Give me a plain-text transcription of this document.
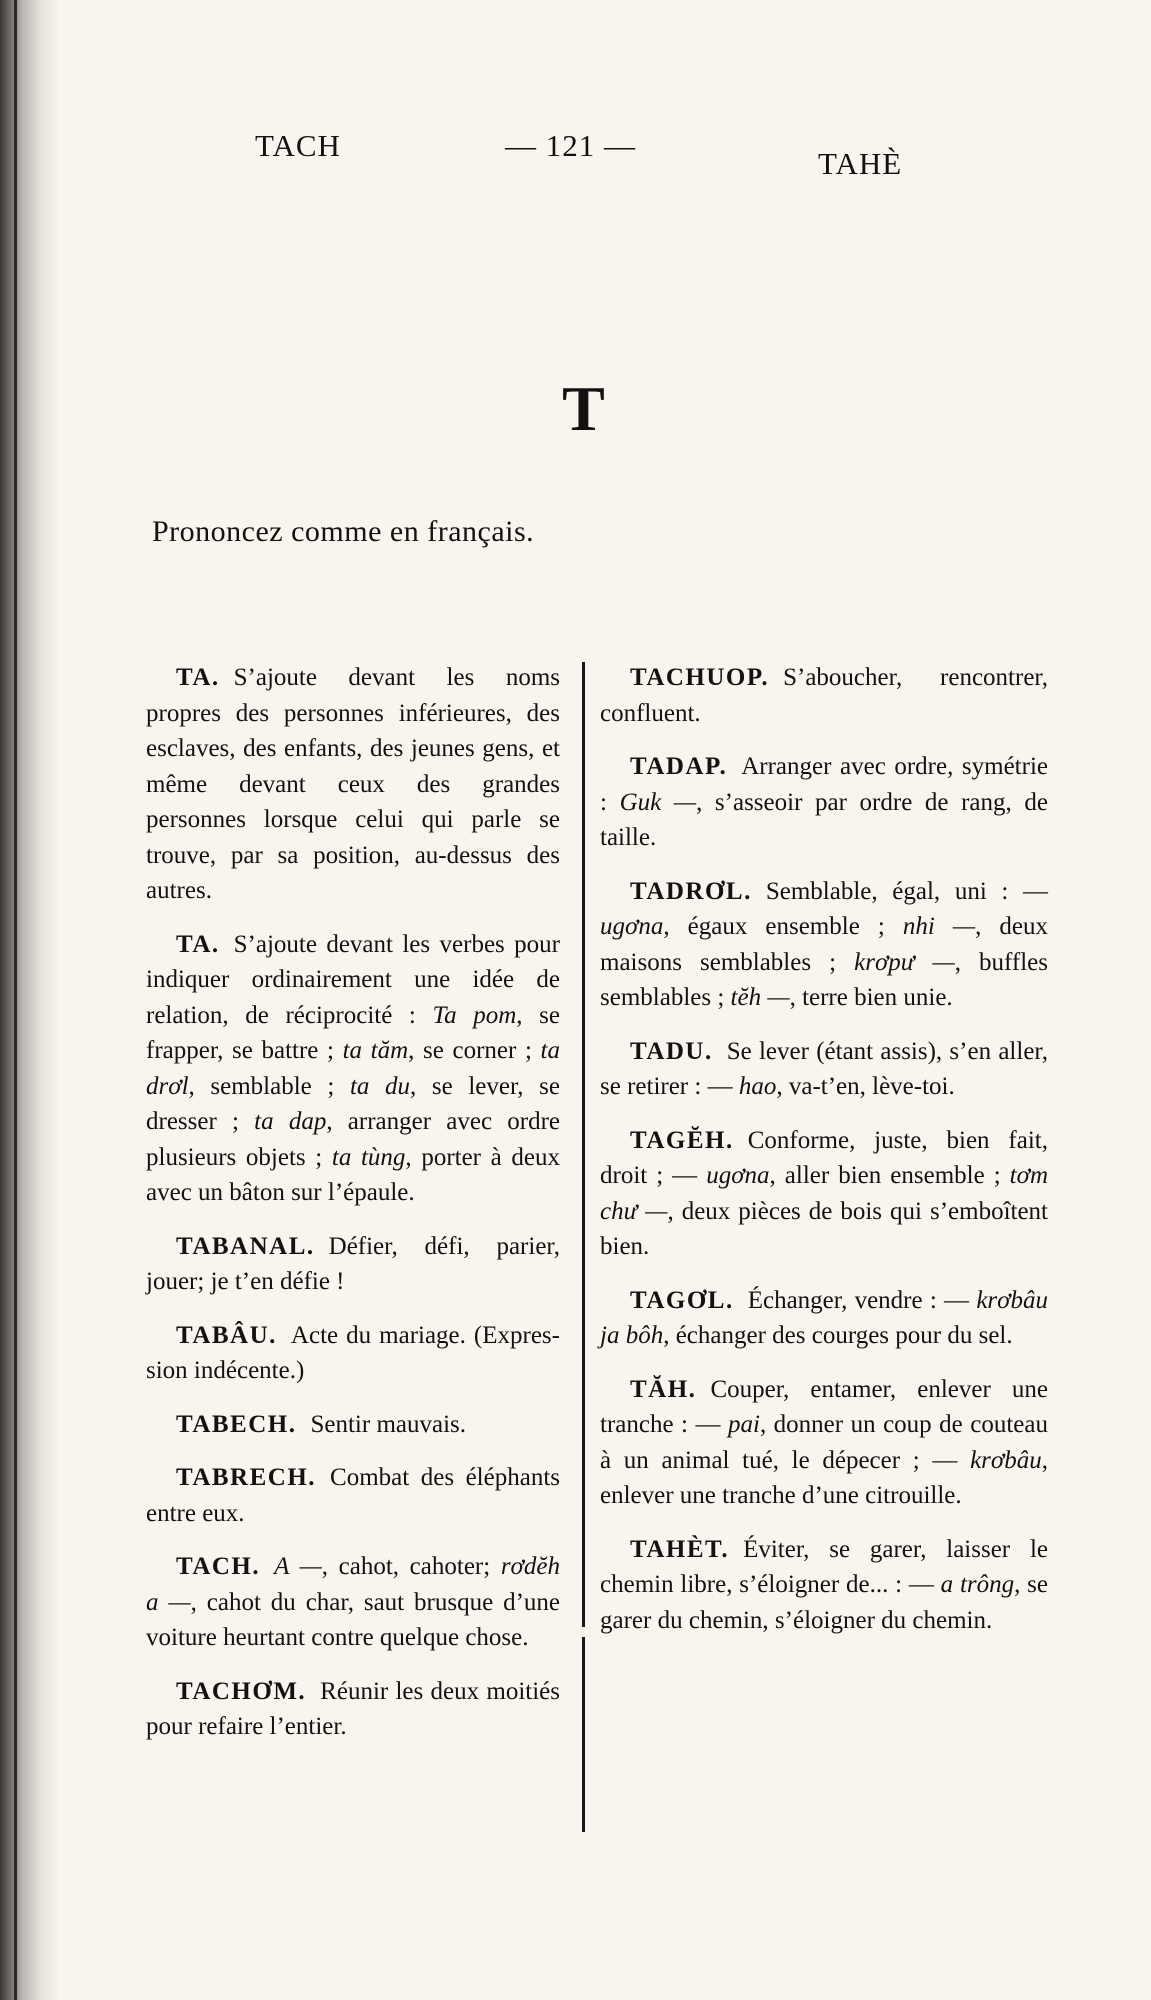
TACH	— 121 —
TAHÈ
T
Prononcez comme en français.

TA. S’ajoute devant les noms propres des personnes inférieures, des esclaves, des enfants, des jeunes gens, et même devant ceux des grandes personnes lorsque celui qui parle se trouve, par sa position, au-dessus des autres.

TA. S’ajoute devant les verbes pour indiquer ordinairement une idée de relation, de réciprocité : Ta pom, se frapper, se battre ; ta tăm, se corner ; ta drơl, semblable ; ta du, se lever, se dresser ; ta dap, arranger avec ordre plusieurs objets ; ta tùng, porter à deux avec un bâton sur l’épaule.

TABANAL. Défier, défi, parier, jouer; je t’en défie !

TABÂU. Acte du mariage. (Expression indécente.)

TABECH. Sentir mauvais.

TABRECH. Combat des éléphants entre eux.

TACH. A —, cahot, cahoter; rơdĕh a —, cahot du char, saut brusque d’une voiture heurtant contre quelque chose.

TACHƠM. Réunir les deux moitiés pour refaire l’entier.

TACHUOP. S’aboucher, rencontrer, confluent.

TADAP. Arranger avec ordre, symétrie : Guk —, s’asseoir par ordre de rang, de taille.

TADRƠL. Semblable, égal, uni : — ugơna, égaux ensemble ; nhi —, deux maisons semblables ; krơpư —, buffles semblables ; tĕh —, terre bien unie.

TADU. Se lever (étant assis), s’en aller, se retirer : — hao, va-t’en, lève-toi.

TAGĔH. Conforme, juste, bien fait, droit ; — ugơna, aller bien ensemble ; tơm chư —, deux pièces de bois qui s’emboîtent bien.

TAGƠL. Échanger, vendre : — krơbâu ja bôh, échanger des courges pour du sel.

TĂH. Couper, entamer, enlever une tranche : — pai, donner un coup de couteau à un animal tué, le dépecer ; — krơbâu, enlever une tranche d’une citrouille.

TAHÈT. Éviter, se garer, laisser le chemin libre, s’éloigner de... : — a trông, se garer du chemin, s’éloigner du chemin.
